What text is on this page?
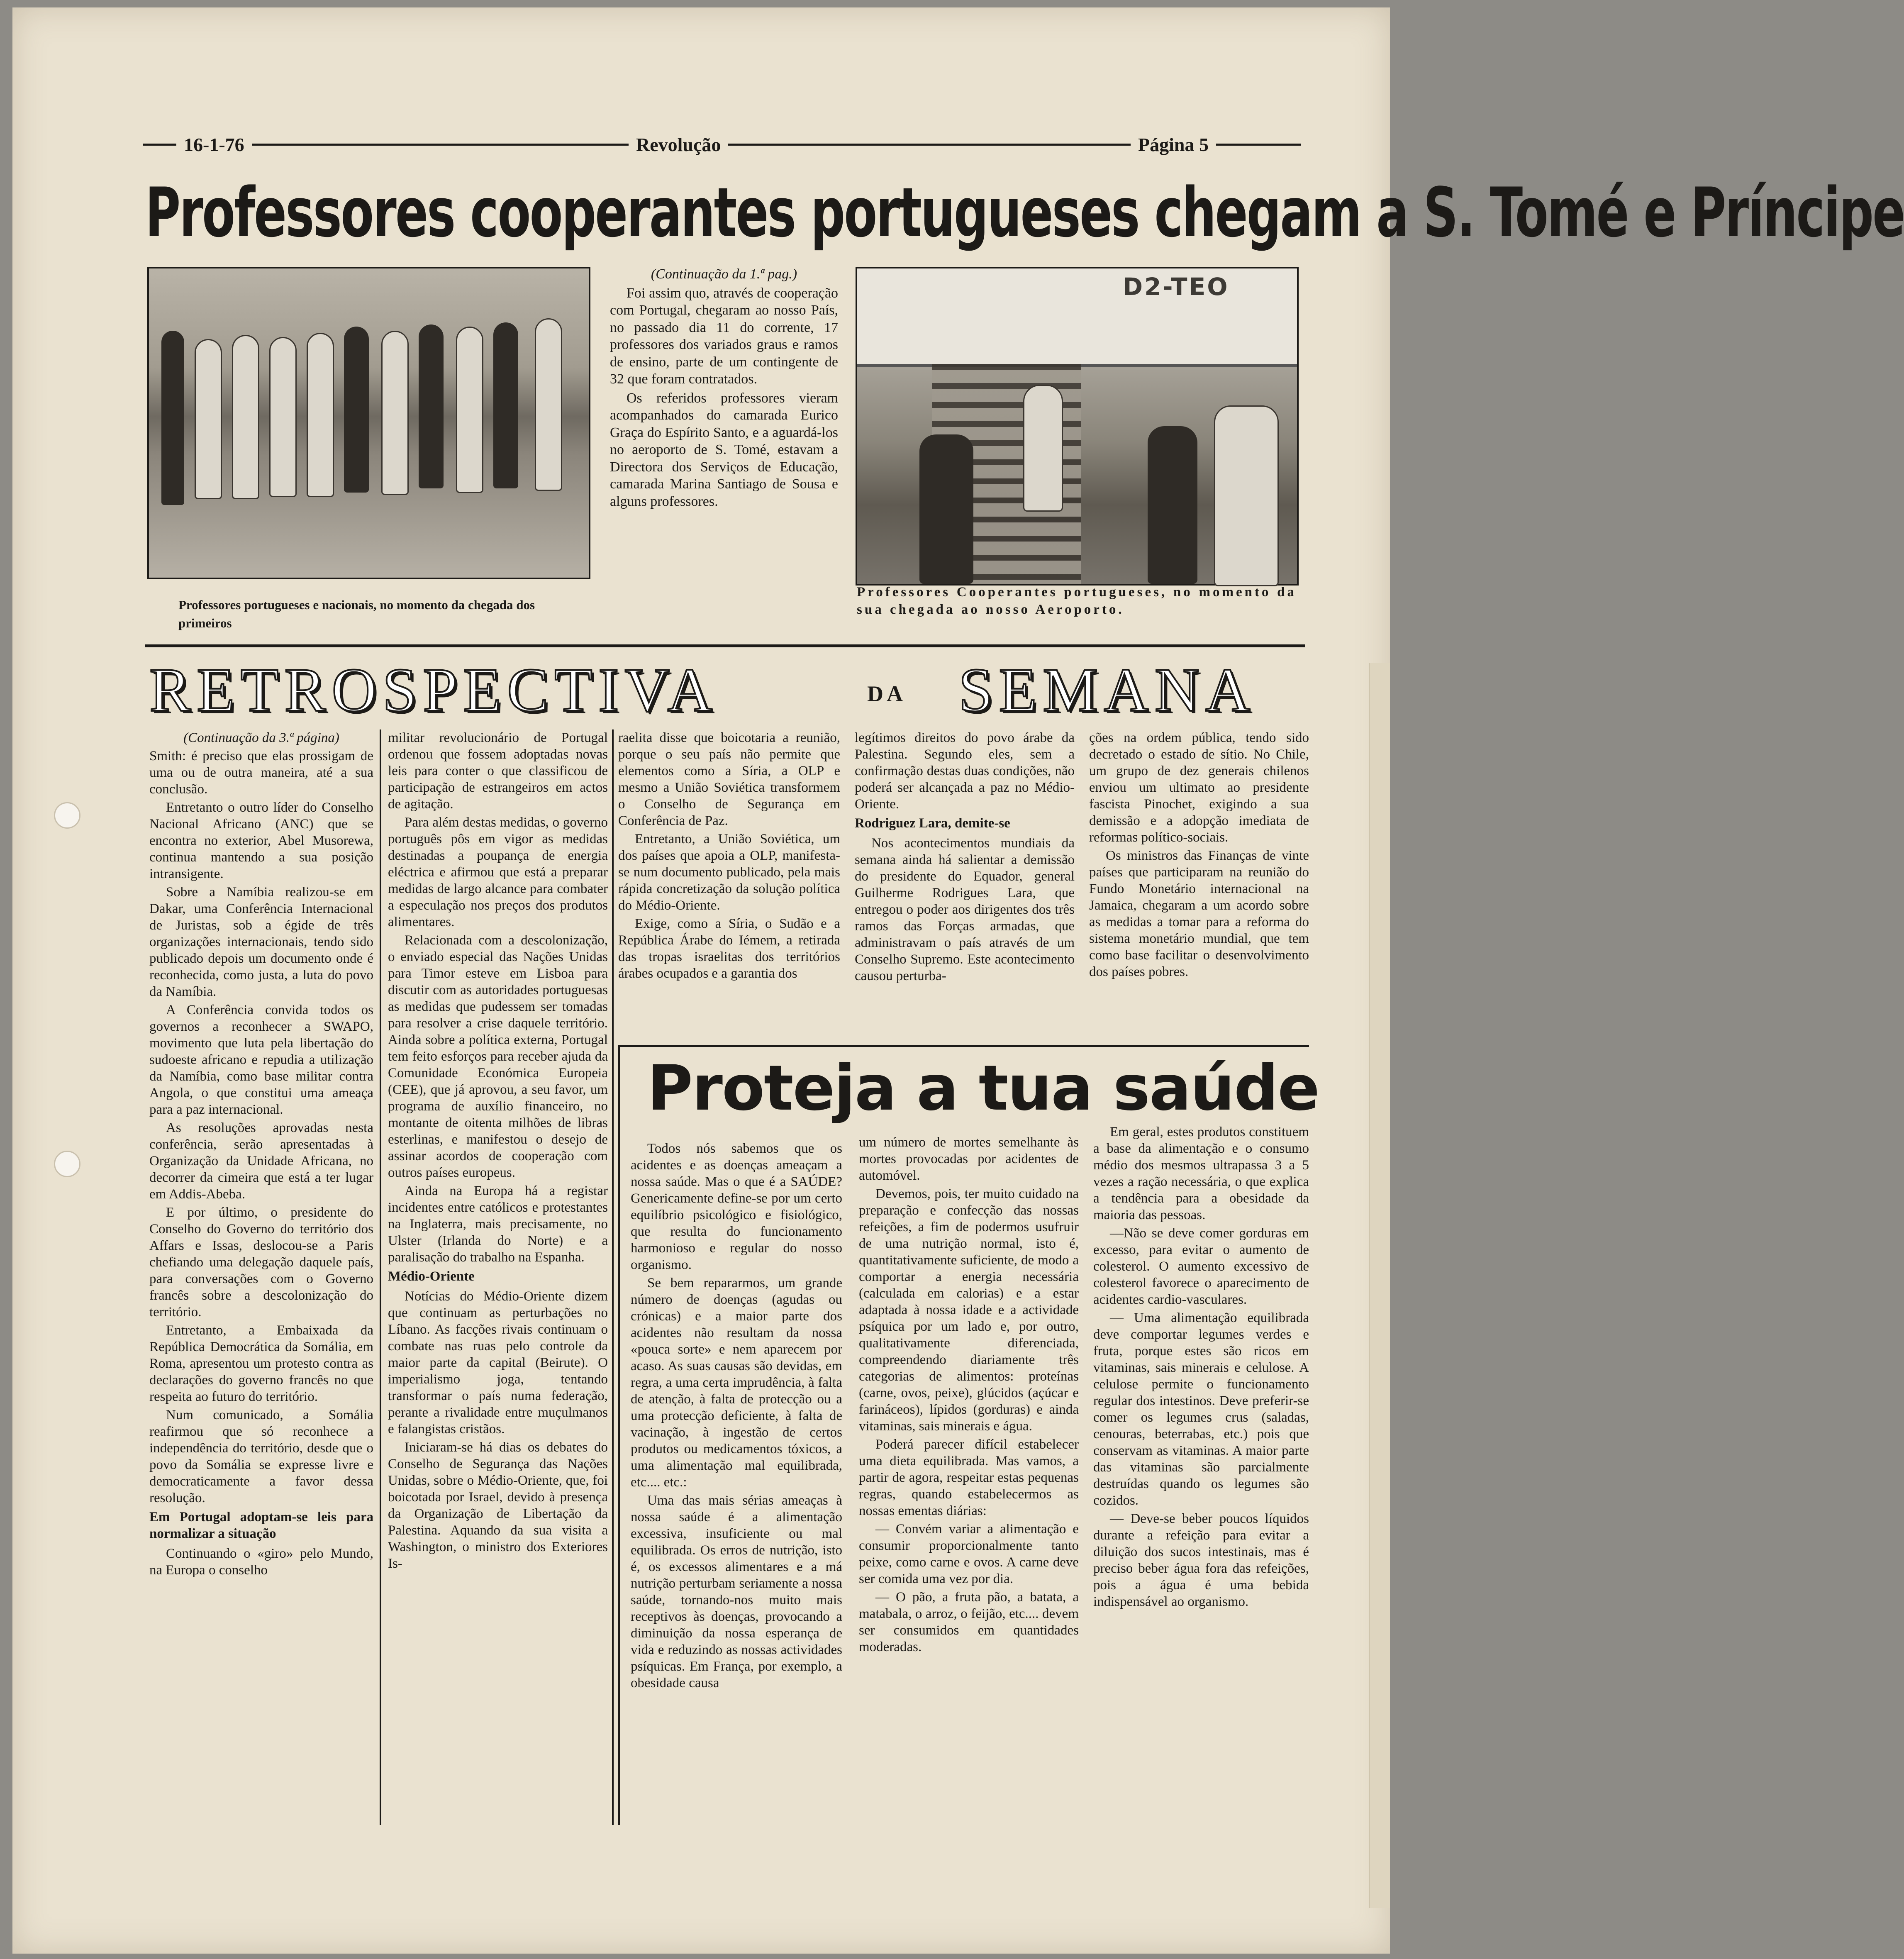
16-1-76	Revolução	Página 5
Professores cooperantes portugueses chegam a S. Tomé e Príncipe
Professores portugueses e nacionais, no momento da chegada dos primeiros

(Continuação da 1.ª pag.)

Foi assim quo, através de cooperação com Portugal, chegaram ao nosso País, no passado dia 11 do corrente, 17 professores dos variados graus e ramos de ensino, parte de um contingente de 32 que foram contratados.

Os referidos professores vieram acompanhados do camarada Eurico Graça do Espírito Santo, e a aguardá-los no aeroporto de S. Tomé, estavam a Directora dos Serviços de Educação, camarada Marina Santiago de Sousa e alguns professores.

D2-TEO
Professores Cooperantes portugueses, no momento da sua chegada ao nosso Aeroporto.
RETROSPECTIVA	DA SEMANA

(Continuação da 3.ª página)

Smith: é preciso que elas prossigam de uma ou de outra maneira, até a sua conclusão.

Entretanto o outro líder do Conselho Nacional Africano (ANC) que se encontra no exterior, Abel Musorewa, continua mantendo a sua posição intransigente.

Sobre a Namíbia realizou-se em Dakar, uma Conferência Internacional de Juristas, sob a égide de três organizações internacionais, tendo sido publicado depois um documento onde é reconhecida, como justa, a luta do povo da Namíbia.

A Conferência convida todos os governos a reconhecer a SWAPO, movimento que luta pela libertação do sudoeste africano e repudia a utilização da Namíbia, como base militar contra Angola, o que constitui uma ameaça para a paz internacional.

As resoluções aprovadas nesta conferência, serão apresentadas à Organização da Unidade Africana, no decorrer da cimeira que está a ter lugar em Addis-Abeba.

E por último, o presidente do Conselho do Governo do território dos Affars e Issas, deslocou-se a Paris chefiando uma delegação daquele país, para conversações com o Governo francês sobre a descolonização do território.

Entretanto, a Embaixada da República Democrática da Somália, em Roma, apresentou um protesto contra as declarações do governo francês no que respeita ao futuro do território.

Num comunicado, a Somália reafirmou que só reconhece a independência do território, desde que o povo da Somália se expresse livre e democraticamente a favor dessa resolução.

Em Portugal adoptam-se leis para normalizar a situação

Continuando o «giro» pelo Mundo, na Europa o conselho

militar revolucionário de Portugal ordenou que fossem adoptadas novas leis para conter o que classificou de participação de estrangeiros em actos de agitação.

Para além destas medidas, o governo português pôs em vigor as medidas destinadas a poupança de energia eléctrica e afirmou que está a preparar medidas de largo alcance para combater a especulação nos preços dos produtos alimentares.

Relacionada com a descolonização, o enviado especial das Nações Unidas para Timor esteve em Lisboa para discutir com as autoridades portuguesas as medidas que pudessem ser tomadas para resolver a crise daquele território. Ainda sobre a política externa, Portugal tem feito esforços para receber ajuda da Comunidade Económica Europeia (CEE), que já aprovou, a seu favor, um programa de auxílio financeiro, no montante de oitenta milhões de libras esterlinas, e manifestou o desejo de assinar acordos de cooperação com outros países europeus.

Ainda na Europa há a registar incidentes entre católicos e protestantes na Inglaterra, mais precisamente, no Ulster (Irlanda do Norte) e a paralisação do trabalho na Espanha.

Médio-Oriente

Notícias do Médio-Oriente dizem que continuam as perturbações no Líbano. As facções rivais continuam o combate nas ruas pelo controle da maior parte da capital (Beirute). O imperialismo joga, tentando transformar o país numa federação, perante a rivalidade entre muçulmanos e falangistas cristãos.

Iniciaram-se há dias os debates do Conselho de Segurança das Nações Unidas, sobre o Médio-Oriente, que, foi boicotada por Israel, devido à presença da Organização de Libertação da Palestina. Aquando da sua visita a Washington, o ministro dos Exteriores Is-

raelita disse que boicotaria a reunião, porque o seu país não permite que elementos como a Síria, a OLP e mesmo a União Soviética transformem o Conselho de Segurança em Conferência de Paz.

Entretanto, a União Soviética, um dos países que apoia a OLP, manifesta-se num documento publicado, pela mais rápida concretização da solução política do Médio-Oriente.

Exige, como a Síria, o Sudão e a República Árabe do Iémem, a retirada das tropas israelitas dos territórios árabes ocupados e a garantia dos

legítimos direitos do povo árabe da Palestina. Segundo eles, sem a confirmação destas duas condições, não poderá ser alcançada a paz no Médio-Oriente.

Rodriguez Lara, demite-se

Nos acontecimentos mundiais da semana ainda há salientar a demissão do presidente do Equador, general Guilherme Rodrigues Lara, que entregou o poder aos dirigentes dos três ramos das Forças armadas, que administravam o país através de um Conselho Supremo. Este acontecimento causou perturba-

ções na ordem pública, tendo sido decretado o estado de sítio. No Chile, um grupo de dez generais chilenos enviou um ultimato ao presidente fascista Pinochet, exigindo a sua demissão e a adopção imediata de reformas político-sociais.

Os ministros das Finanças de vinte países que participaram na reunião do Fundo Monetário internacional na Jamaica, chegaram a um acordo sobre as medidas a tomar para a reforma do sistema monetário mundial, que tem como base facilitar o desenvolvimento dos países pobres.

Proteja a tua saúde

Todos nós sabemos que os acidentes e as doenças ameaçam a nossa saúde. Mas o que é a SAÚDE? Genericamente define-se por um certo equilíbrio psicológico e fisiológico, que resulta do funcionamento harmonioso e regular do nosso organismo.

Se bem repararmos, um grande número de doenças (agudas ou crónicas) e a maior parte dos acidentes não resultam da nossa «pouca sorte» e nem aparecem por acaso. As suas causas são devidas, em regra, a uma certa imprudência, à falta de atenção, à falta de protecção ou a uma protecção deficiente, à falta de vacinação, à ingestão de certos produtos ou medicamentos tóxicos, a uma alimentação mal equilibrada, etc.... etc.:

Uma das mais sérias ameaças à nossa saúde é a alimentação excessiva, insuficiente ou mal equilibrada. Os erros de nutrição, isto é, os excessos alimentares e a má nutrição perturbam seriamente a nossa saúde, tornando-nos muito mais receptivos às doenças, provocando a diminuição da nossa esperança de vida e reduzindo as nossas actividades psíquicas. Em França, por exemplo, a obesidade causa

um número de mortes semelhante às mortes provocadas por acidentes de automóvel.

Devemos, pois, ter muito cuidado na preparação e confecção das nossas refeições, a fim de podermos usufruir de uma nutrição normal, isto é, quantitativamente suficiente, de modo a comportar a energia necessária (calculada em calorias) e a estar adaptada à nossa idade e a actividade psíquica por um lado e, por outro, qualitativamente diferenciada, compreendendo diariamente três categorias de alimentos: proteínas (carne, ovos, peixe), glúcidos (açúcar e farináceos), lípidos (gorduras) e ainda vitaminas, sais minerais e água.

Poderá parecer difícil estabelecer uma dieta equilibrada. Mas vamos, a partir de agora, respeitar estas pequenas regras, quando estabelecermos as nossas ementas diárias:

— Convém variar a alimentação e consumir proporcionalmente tanto peixe, como carne e ovos. A carne deve ser comida uma vez por dia.

— O pão, a fruta pão, a batata, a matabala, o arroz, o feijão, etc.... devem ser consumidos em quantidades moderadas.

Em geral, estes produtos constituem a base da alimentação e o consumo médio dos mesmos ultrapassa 3 a 5 vezes a ração necessária, o que explica a tendência para a obesidade da maioria das pessoas.

—Não se deve comer gorduras em excesso, para evitar o aumento de colesterol. O aumento excessivo de colesterol favorece o aparecimento de acidentes cardio-vasculares.

— Uma alimentação equilibrada deve comportar legumes verdes e fruta, porque estes são ricos em vitaminas, sais minerais e celulose. A celulose permite o funcionamento regular dos intestinos. Deve preferir-se comer os legumes crus (saladas, cenouras, beterrabas, etc.) pois que conservam as vitaminas. A maior parte das vitaminas são parcialmente destruídas quando os legumes são cozidos.

— Deve-se beber poucos líquidos durante a refeição para evitar a diluição dos sucos intestinais, mas é preciso beber água fora das refeições, pois a água é uma bebida indispensável ao organismo.
